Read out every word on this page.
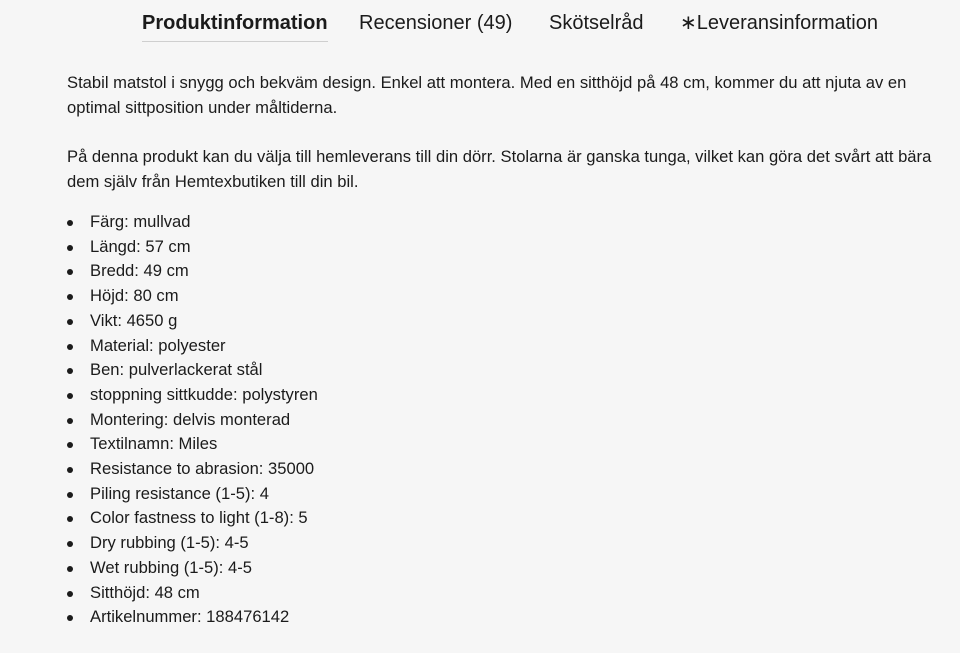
Produktinformation Recensioner (49) Skötselråd ∗Leveransinformation

Stabil matstol i snygg och bekväm design. Enkel att montera. Med en sitthöjd på 48 cm, kommer du att njuta av en optimal sittposition under måltiderna.

På denna produkt kan du välja till hemleverans till din dörr. Stolarna är ganska tunga, vilket kan göra det svårt att bära dem själv från Hemtexbutiken till din bil.

Färg: mullvad
Längd: 57 cm
Bredd: 49 cm
Höjd: 80 cm
Vikt: 4650 g
Material: polyester
Ben: pulverlackerat stål
stoppning sittkudde: polystyren
Montering: delvis monterad
Textilnamn: Miles
Resistance to abrasion: 35000
Piling resistance (1-5): 4
Color fastness to light (1-8): 5
Dry rubbing (1-5): 4-5
Wet rubbing (1-5): 4-5
Sitthöjd: 48 cm
Artikelnummer: 188476142
